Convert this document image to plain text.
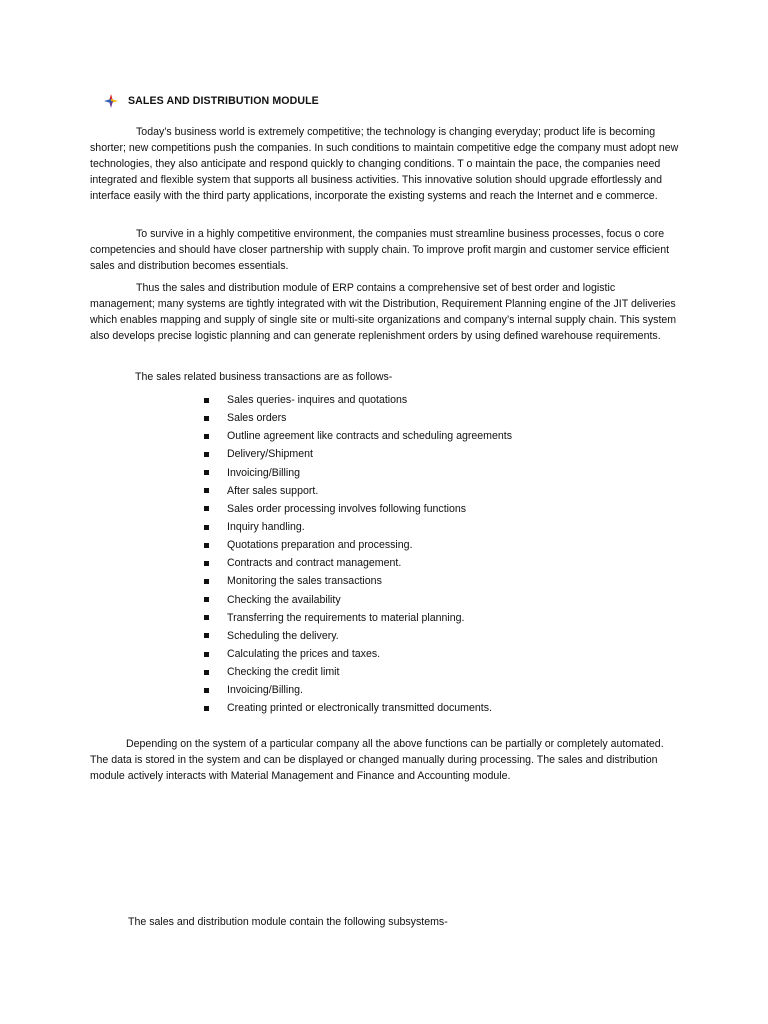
SALES AND DISTRIBUTION MODULE

Today’s business world is extremely competitive; the technology is changing everyday; product life is becoming shorter; new competitions push the companies. In such conditions to maintain competitive edge the company must adopt new technologies, they also anticipate and respond quickly to changing conditions. T o maintain the pace, the companies need integrated and flexible system that supports all business activities. This innovative solution should upgrade effortlessly and interface easily with the third party applications, incorporate the existing systems and reach the Internet and e commerce.

To survive in a highly competitive environment, the companies must streamline business processes, focus o core competencies and should have closer partnership with supply chain. To improve profit margin and customer service efficient sales and distribution becomes essentials.

Thus the sales and distribution module of ERP contains a comprehensive set of best order and logistic management; many systems are tightly integrated with wit the Distribution, Requirement Planning engine of the JIT deliveries which enables mapping and supply of single site or multi-site organizations and company’s internal supply chain. This system also develops precise logistic planning and can generate replenishment orders by using defined warehouse requirements.

The sales related business transactions are as follows-

Sales queries- inquires and quotations
Sales orders
Outline agreement like contracts and scheduling agreements
Delivery/Shipment
Invoicing/Billing
After sales support.
Sales order processing involves following functions
Inquiry handling.
Quotations preparation and processing.
Contracts and contract management.
Monitoring the sales transactions
Checking the availability
Transferring the requirements to material planning.
Scheduling the delivery.
Calculating the prices and taxes.
Checking the credit limit
Invoicing/Billing.
Creating printed or electronically transmitted documents.

Depending on the system of a particular company all the above functions can be partially or completely automated. The data is stored in the system and can be displayed or changed manually during processing. The sales and distribution module actively interacts with Material Management and Finance and Accounting module.

The sales and distribution module contain the following subsystems-
